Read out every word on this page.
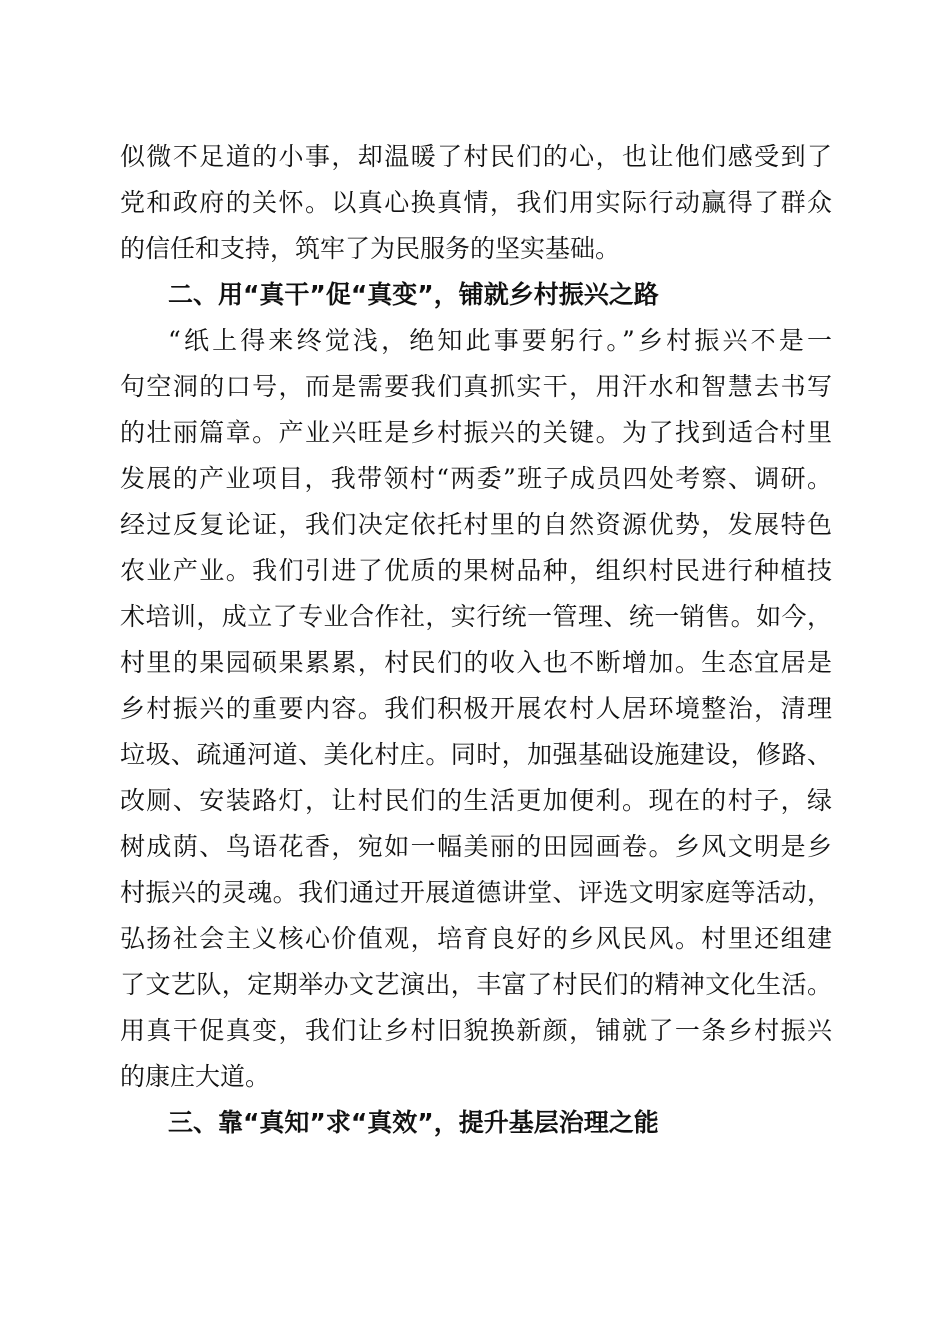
似微不足道的小事，却温暖了村民们的心，也让他们感受到了
党和政府的关怀。以真心换真情，我们用实际行动赢得了群众
的信任和支持，筑牢了为民服务的坚实基础。
二、用“真干”促“真变”，铺就乡村振兴之路
“纸上得来终觉浅，绝知此事要躬行。”乡村振兴不是一
句空洞的口号，而是需要我们真抓实干，用汗水和智慧去书写
的壮丽篇章。产业兴旺是乡村振兴的关键。为了找到适合村里
发展的产业项目，我带领村“两委”班子成员四处考察、调研。
经过反复论证，我们决定依托村里的自然资源优势，发展特色
农业产业。我们引进了优质的果树品种，组织村民进行种植技
术培训，成立了专业合作社，实行统一管理、统一销售。如今，
村里的果园硕果累累，村民们的收入也不断增加。生态宜居是
乡村振兴的重要内容。我们积极开展农村人居环境整治，清理
垃圾、疏通河道、美化村庄。同时，加强基础设施建设，修路、
改厕、安装路灯，让村民们的生活更加便利。现在的村子，绿
树成荫、鸟语花香，宛如一幅美丽的田园画卷。乡风文明是乡
村振兴的灵魂。我们通过开展道德讲堂、评选文明家庭等活动，
弘扬社会主义核心价值观，培育良好的乡风民风。村里还组建
了文艺队，定期举办文艺演出，丰富了村民们的精神文化生活。
用真干促真变，我们让乡村旧貌换新颜，铺就了一条乡村振兴
的康庄大道。
三、靠“真知”求“真效”，提升基层治理之能
